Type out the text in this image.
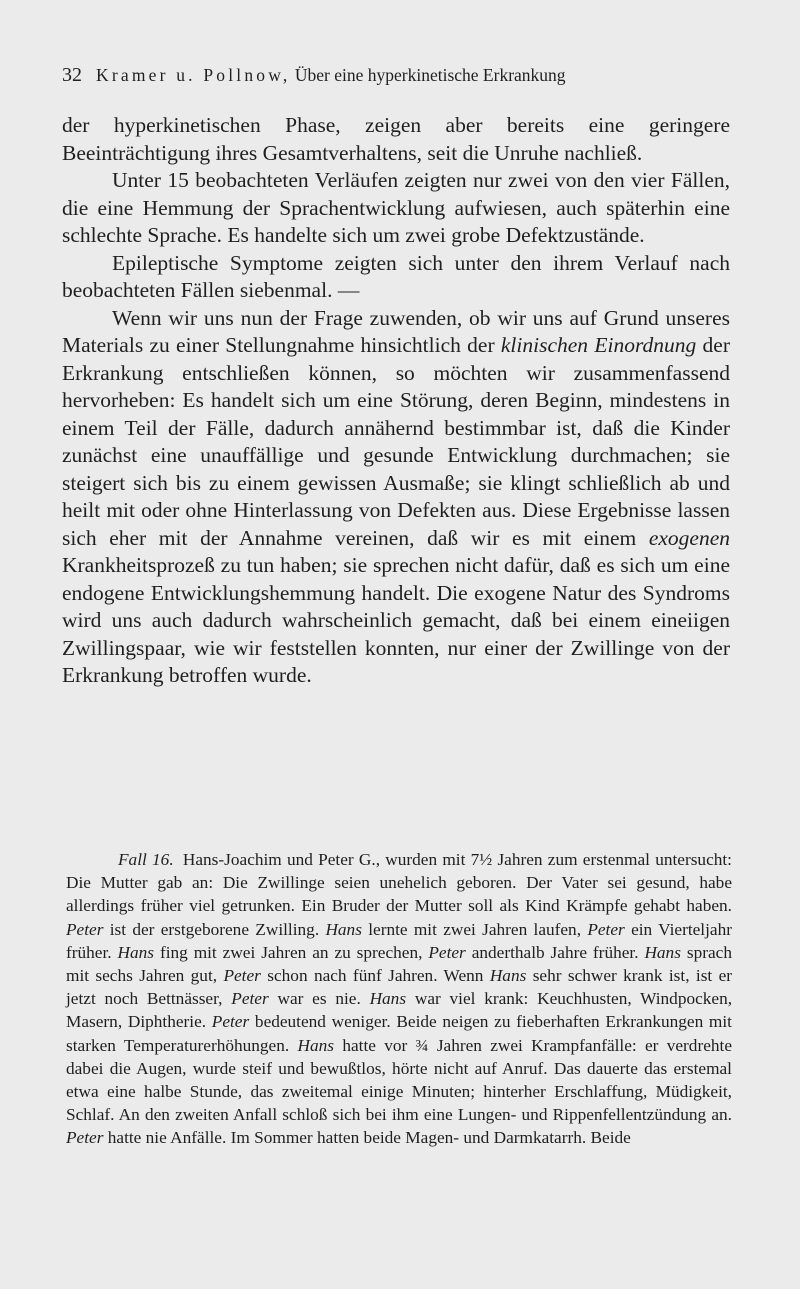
32 Kramer u. Pollnow, Über eine hyperkinetische Erkrankung

der hyperkinetischen Phase, zeigen aber bereits eine geringere Beeinträchtigung ihres Gesamtverhaltens, seit die Unruhe nachließ.

Unter 15 beobachteten Verläufen zeigten nur zwei von den vier Fällen, die eine Hemmung der Sprachentwicklung aufwiesen, auch späterhin eine schlechte Sprache. Es handelte sich um zwei grobe Defektzustände.

Epileptische Symptome zeigten sich unter den ihrem Verlauf nach beobachteten Fällen siebenmal. —

Wenn wir uns nun der Frage zuwenden, ob wir uns auf Grund unseres Materials zu einer Stellungnahme hinsichtlich der klinischen Einordnung der Erkrankung entschließen können, so möchten wir zusammenfassend hervorheben: Es handelt sich um eine Störung, deren Beginn, mindestens in einem Teil der Fälle, dadurch annähernd bestimmbar ist, daß die Kinder zunächst eine unauffällige und gesunde Entwicklung durchmachen; sie steigert sich bis zu einem gewissen Ausmaße; sie klingt schließlich ab und heilt mit oder ohne Hinterlassung von Defekten aus. Diese Ergebnisse lassen sich eher mit der Annahme vereinen, daß wir es mit einem exogenen Krankheitsprozeß zu tun haben; sie sprechen nicht dafür, daß es sich um eine endogene Entwicklungshemmung handelt. Die exogene Natur des Syndroms wird uns auch dadurch wahrscheinlich gemacht, daß bei einem eineiigen Zwillingspaar, wie wir feststellen konnten, nur einer der Zwillinge von der Erkrankung betroffen wurde.

Fall 16. Hans-Joachim und Peter G., wurden mit 7½ Jahren zum erstenmal untersucht: Die Mutter gab an: Die Zwillinge seien unehelich geboren. Der Vater sei gesund, habe allerdings früher viel getrunken. Ein Bruder der Mutter soll als Kind Krämpfe gehabt haben. Peter ist der erstgeborene Zwilling. Hans lernte mit zwei Jahren laufen, Peter ein Vierteljahr früher. Hans fing mit zwei Jahren an zu sprechen, Peter anderthalb Jahre früher. Hans sprach mit sechs Jahren gut, Peter schon nach fünf Jahren. Wenn Hans sehr schwer krank ist, ist er jetzt noch Bettnässer, Peter war es nie. Hans war viel krank: Keuchhusten, Windpocken, Masern, Diphtherie. Peter bedeutend weniger. Beide neigen zu fieberhaften Erkrankungen mit starken Temperaturerhöhungen. Hans hatte vor ¾ Jahren zwei Krampfanfälle: er verdrehte dabei die Augen, wurde steif und bewußtlos, hörte nicht auf Anruf. Das dauerte das erstemal etwa eine halbe Stunde, das zweitemal einige Minuten; hinterher Erschlaffung, Müdigkeit, Schlaf. An den zweiten Anfall schloß sich bei ihm eine Lungen- und Rippenfellentzündung an. Peter hatte nie Anfälle. Im Sommer hatten beide Magen- und Darmkatarrh. Beide
